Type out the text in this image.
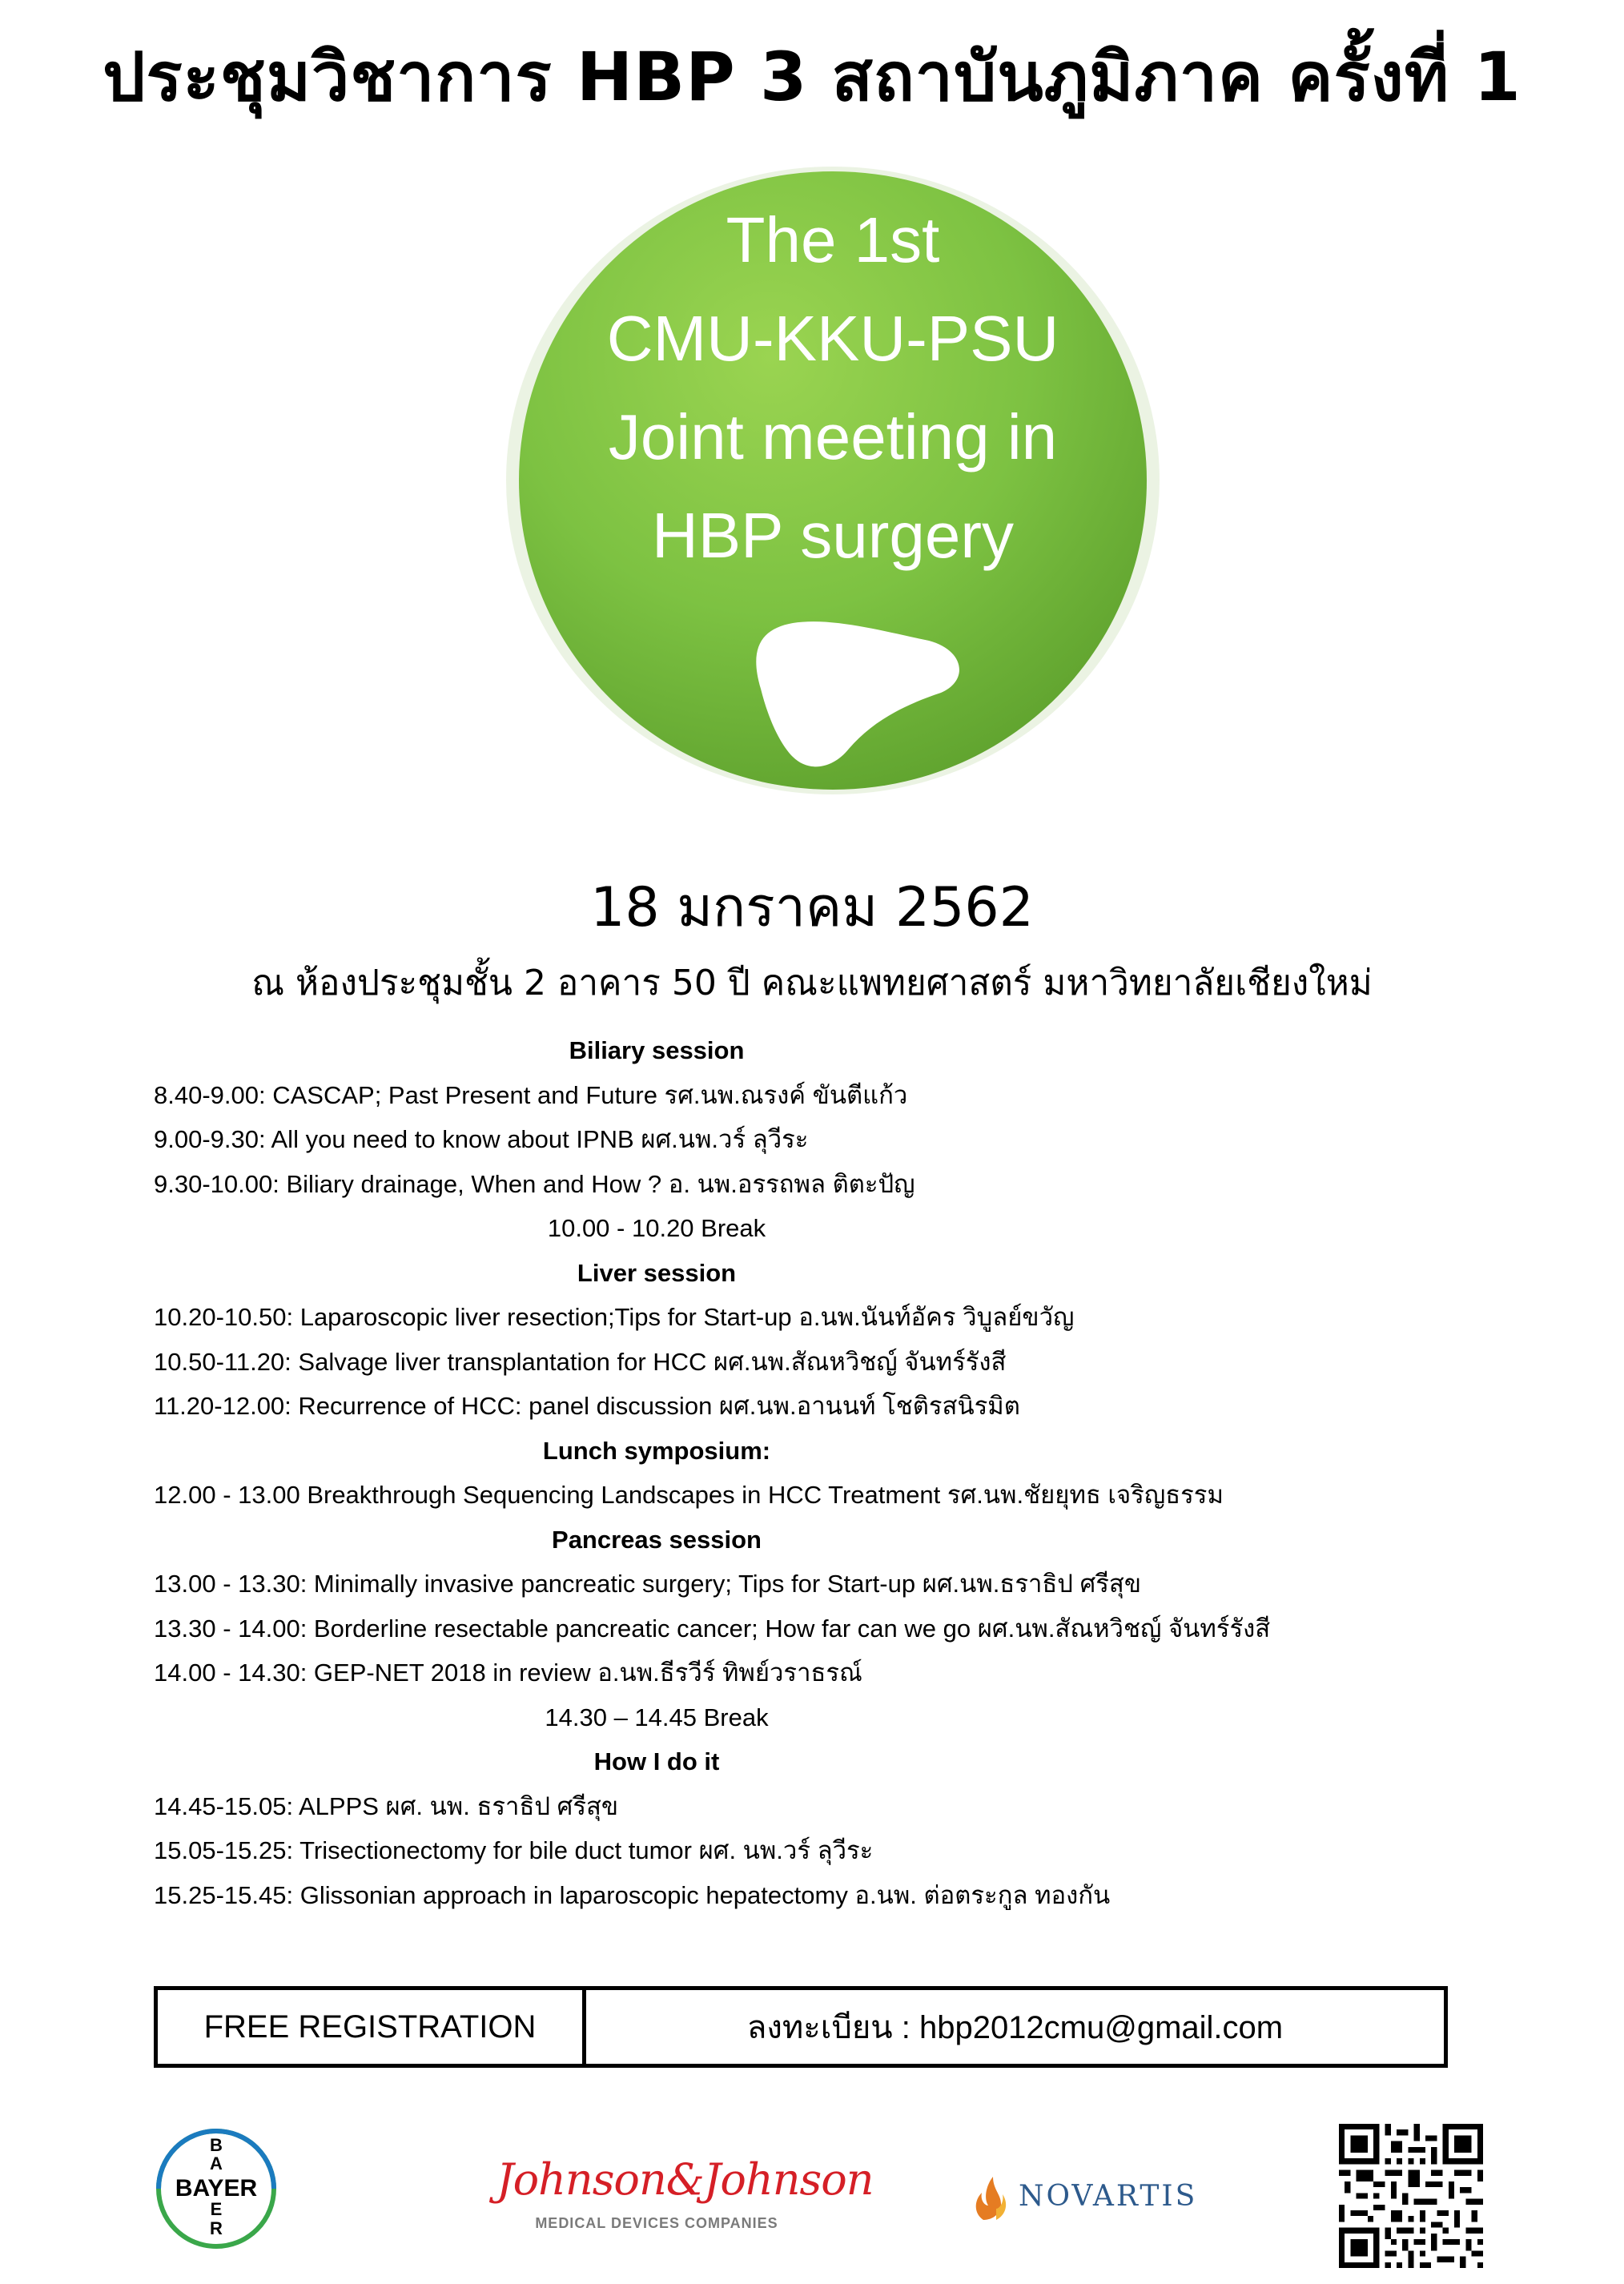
ประชุมวิชาการ HBP 3 สถาบันภูมิภาค ครั้งที่ 1
The 1st
CMU-KKU-PSU
Joint meeting in
HBP surgery
18 มกราคม 2562
ณ ห้องประชุมชั้น 2 อาคาร 50 ปี คณะแพทยศาสตร์ มหาวิทยาลัยเชียงใหม่
Biliary session
8.40-9.00: CASCAP; Past Present and Future รศ.นพ.ณรงค์ ขันตีแก้ว
9.00-9.30: All you need to know about IPNB ผศ.นพ.วร์ ลุวีระ
9.30-10.00: Biliary drainage, When and How ? อ. นพ.อรรถพล ติตะปัญ
10.00 - 10.20 Break
Liver session
10.20-10.50: Laparoscopic liver resection;Tips for Start-up อ.นพ.นันท์อัคร วิบูลย์ขวัญ
10.50-11.20: Salvage liver transplantation for HCC ผศ.นพ.สัณหวิชญ์ จันทร์รังสี
11.20-12.00: Recurrence of HCC: panel discussion ผศ.นพ.อานนท์ โชติรสนิรมิต
Lunch symposium:
12.00 - 13.00 Breakthrough Sequencing Landscapes in HCC Treatment รศ.นพ.ชัยยุทธ เจริญธรรม
Pancreas session
13.00 - 13.30: Minimally invasive pancreatic surgery; Tips for Start-up ผศ.นพ.ธราธิป ศรีสุข
13.30 - 14.00: Borderline resectable pancreatic cancer; How far can we go ผศ.นพ.สัณหวิชญ์ จันทร์รังสี
14.00 - 14.30: GEP-NET 2018 in review อ.นพ.ธีรวีร์ ทิพย์วราธรณ์
14.30 – 14.45 Break
How I do it
14.45-15.05: ALPPS ผศ. นพ. ธราธิป ศรีสุข
15.05-15.25: Trisectionectomy for bile duct tumor ผศ. นพ.วร์ ลุวีระ
15.25-15.45: Glissonian approach in laparoscopic hepatectomy อ.นพ. ต่อตระกูล ทองกัน
FREE REGISTRATION	ลงทะเบียน : hbp2012cmu@gmail.com
B
A
BAYER
E
R
Johnson&Johnson
MEDICAL DEVICES COMPANIES
NOVARTIS
